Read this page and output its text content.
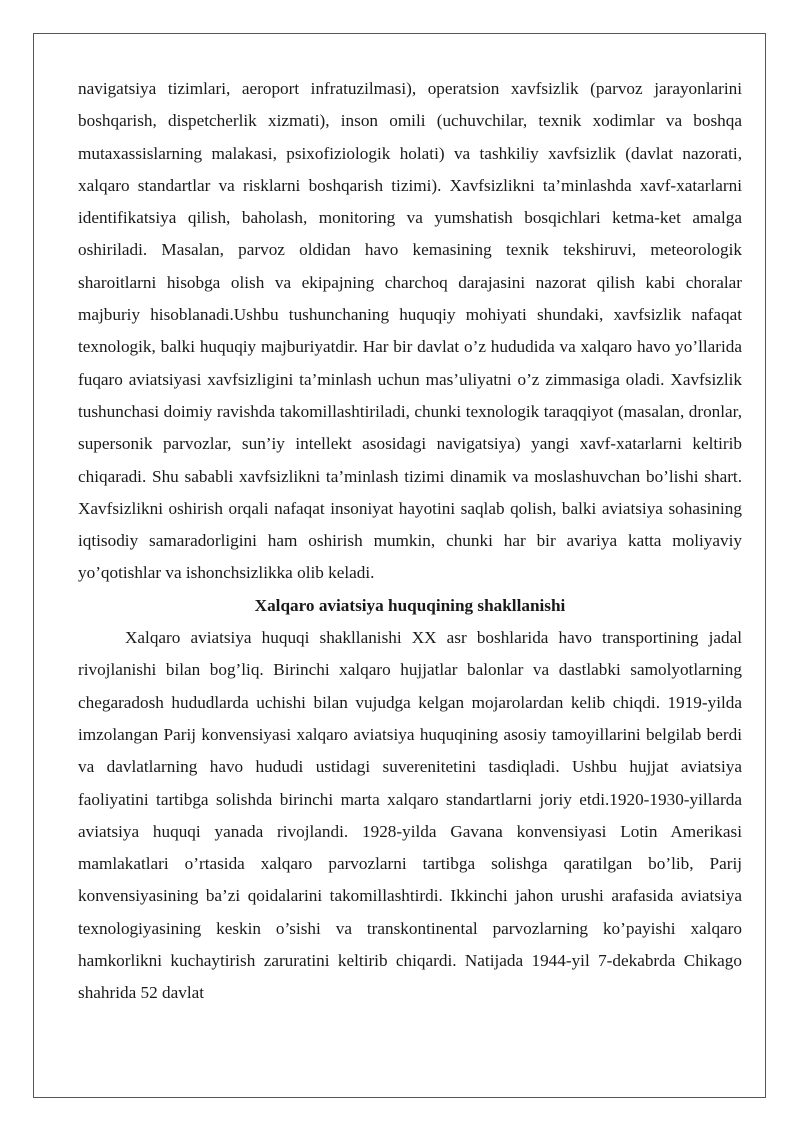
navigatsiya tizimlari, aeroport infratuzilmasi), operatsion xavfsizlik (parvoz jarayonlarini boshqarish, dispetcherlik xizmati), inson omili (uchuvchilar, texnik xodimlar va boshqa mutaxassislarning malakasi, psixofiziologik holati) va tashkiliy xavfsizlik (davlat nazorati, xalqaro standartlar va risklarni boshqarish tizimi). Xavfsizlikni ta’minlashda xavf-xatarlarni identifikatsiya qilish, baholash, monitoring va yumshatish bosqichlari ketma-ket amalga oshiriladi. Masalan, parvoz oldidan havo kemasining texnik tekshiruvi, meteorologik sharoitlarni hisobga olish va ekipajning charchoq darajasini nazorat qilish kabi choralar majburiy hisoblanadi.Ushbu tushunchaning huquqiy mohiyati shundaki, xavfsizlik nafaqat texnologik, balki huquqiy majburiyatdir. Har bir davlat o’z hududida va xalqaro havo yo’llarida fuqaro aviatsiyasi xavfsizligini ta’minlash uchun mas’uliyatni o’z zimmasiga oladi. Xavfsizlik tushunchasi doimiy ravishda takomillashtiriladi, chunki texnologik taraqqiyot (masalan, dronlar, supersonik parvozlar, sun’iy intellekt asosidagi navigatsiya) yangi xavf-xatarlarni keltirib chiqaradi. Shu sababli xavfsizlikni ta’minlash tizimi dinamik va moslashuvchan bo’lishi shart. Xavfsizlikni oshirish orqali nafaqat insoniyat hayotini saqlab qolish, balki aviatsiya sohasining iqtisodiy samaradorligini ham oshirish mumkin, chunki har bir avariya katta moliyaviy yo’qotishlar va ishonchsizlikka olib keladi.

Xalqaro aviatsiya huquqining shakllanishi

Xalqaro aviatsiya huquqi shakllanishi XX asr boshlarida havo transportining jadal rivojlanishi bilan bog’liq. Birinchi xalqaro hujjatlar balonlar va dastlabki samolyotlarning chegaradosh hududlarda uchishi bilan vujudga kelgan mojarolardan kelib chiqdi. 1919-yilda imzolangan Parij konvensiyasi xalqaro aviatsiya huquqining asosiy tamoyillarini belgilab berdi va davlatlarning havo hududi ustidagi suverenitetini tasdiqladi. Ushbu hujjat aviatsiya faoliyatini tartibga solishda birinchi marta xalqaro standartlarni joriy etdi.1920-1930-yillarda aviatsiya huquqi yanada rivojlandi. 1928-yilda Gavana konvensiyasi Lotin Amerikasi mamlakatlari o’rtasida xalqaro parvozlarni tartibga solishga qaratilgan bo’lib, Parij konvensiyasining ba’zi qoidalarini takomillashtirdi. Ikkinchi jahon urushi arafasida aviatsiya texnologiyasining keskin o’sishi va transkontinental parvozlarning ko’payishi xalqaro hamkorlikni kuchaytirish zaruratini keltirib chiqardi. Natijada 1944-yil 7-dekabrda Chikago shahrida 52 davlat
